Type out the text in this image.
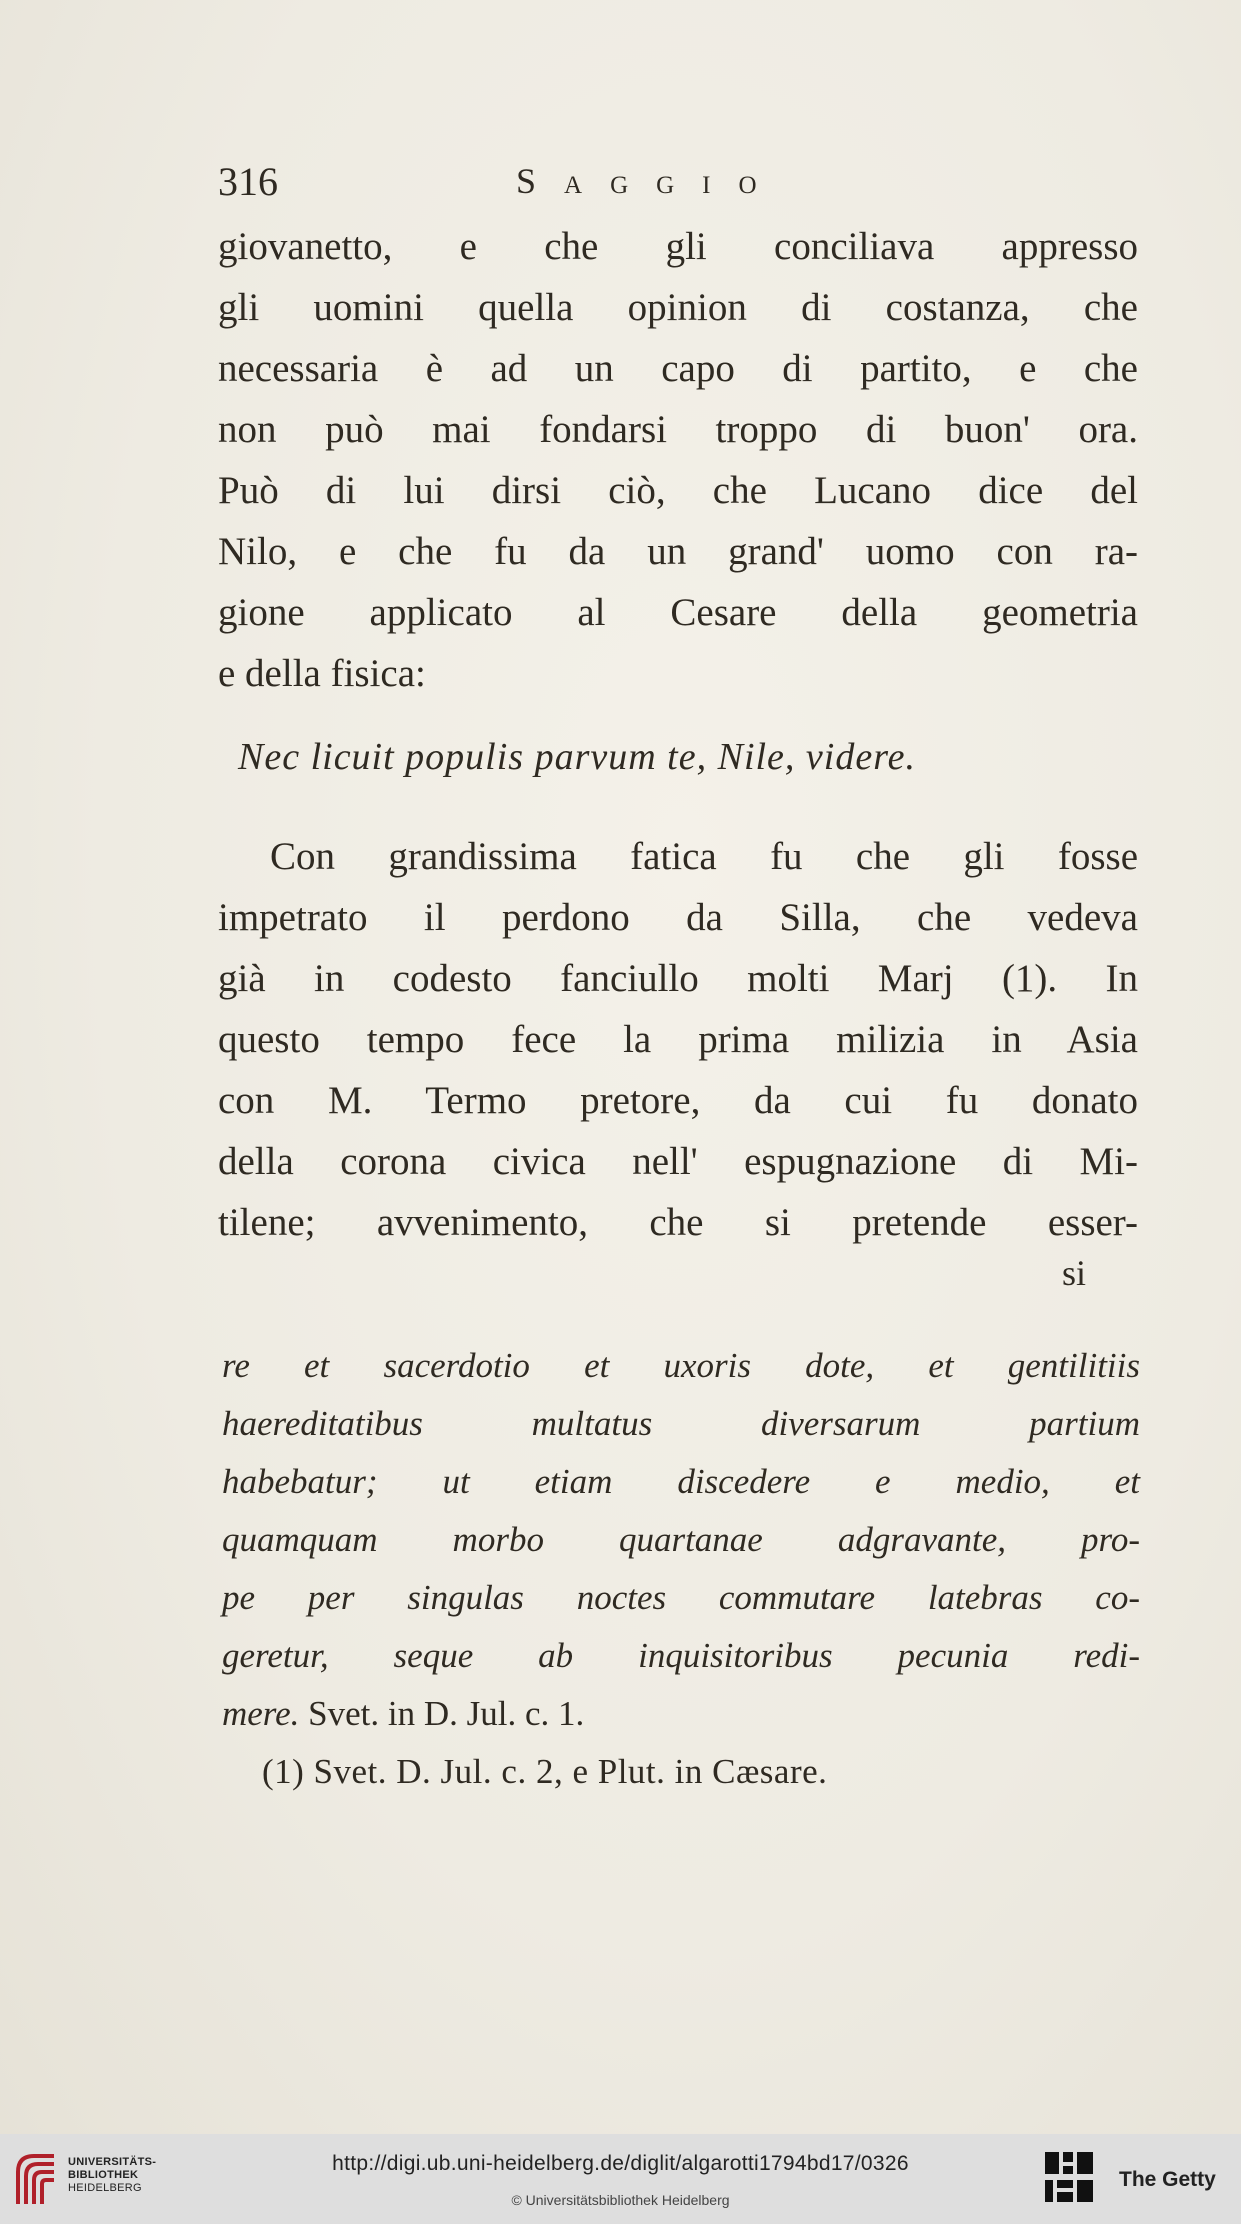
316	Saggio
giovanetto, e che gli conciliava appresso
gli uomini quella opinion di costanza, che
necessaria è ad un capo di partito, e che
non può mai fondarsi troppo di buon' ora.
Può di lui dirsi ciò, che Lucano dice del
Nilo, e che fu da un grand' uomo con ra-
gione applicato al Cesare della geometria
e della fisica:
Nec licuit populis parvum te, Nile, videre.
Con grandissima fatica fu che gli fosse
impetrato il perdono da Silla, che vedeva
già in codesto fanciullo molti Marj (1). In
questo tempo fece la prima milizia in Asia
con M. Termo pretore, da cui fu donato
della corona civica nell' espugnazione di Mi-
tilene; avvenimento, che si pretende esser-
si
re et sacerdotio et uxoris dote, et gentilitiis
haereditatibus multatus diversarum partium
habebatur; ut etiam discedere e medio, et
quamquam morbo quartanae adgravante, pro-
pe per singulas noctes commutare latebras co-
geretur, seque ab inquisitoribus pecunia redi-
mere. Svet. in D. Jul. c. 1.
(1) Svet. D. Jul. c. 2, e Plut. in Cæsare.
UNIVERSITÄTS-
BIBLIOTHEK
HEIDELBERG
http://digi.ub.uni-heidelberg.de/diglit/algarotti1794bd17/0326
© Universitätsbibliothek Heidelberg
The Getty
